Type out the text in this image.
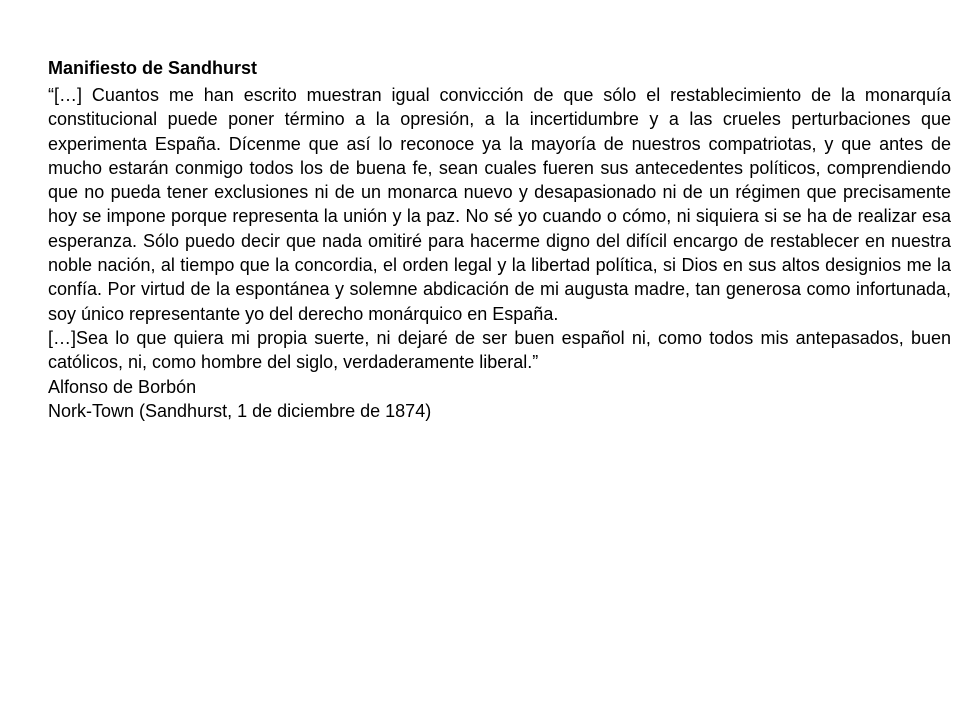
Manifiesto de Sandhurst

“[…] Cuantos me han escrito muestran igual convicción de que sólo el restablecimiento de la monarquía constitucional puede poner término a la opresión, a la incertidumbre y a las crueles perturbaciones que experimenta España. Dícenme que así lo reconoce ya la mayoría de nuestros compatriotas, y que antes de mucho estarán conmigo todos los de buena fe, sean cuales fueren sus antecedentes políticos, comprendiendo que no pueda tener exclusiones ni de un monarca nuevo y desapasionado ni de un régimen que precisamente hoy se impone porque representa la unión y la paz. No sé yo cuando o cómo, ni siquiera si se ha de realizar esa esperanza. Sólo puedo decir que nada omitiré para hacerme digno del difícil encargo de restablecer en nuestra noble nación, al tiempo que la concordia, el orden legal y la libertad política, si Dios en sus altos designios me la confía. Por virtud de la espontánea y solemne abdicación de mi augusta madre, tan generosa como infortunada, soy único representante yo del derecho monárquico en España.

[…]Sea lo que quiera mi propia suerte, ni dejaré de ser buen español ni, como todos mis antepasados, buen católicos, ni, como hombre del siglo, verdaderamente liberal.”

Alfonso de Borbón

Nork-Town (Sandhurst, 1 de diciembre de 1874)
